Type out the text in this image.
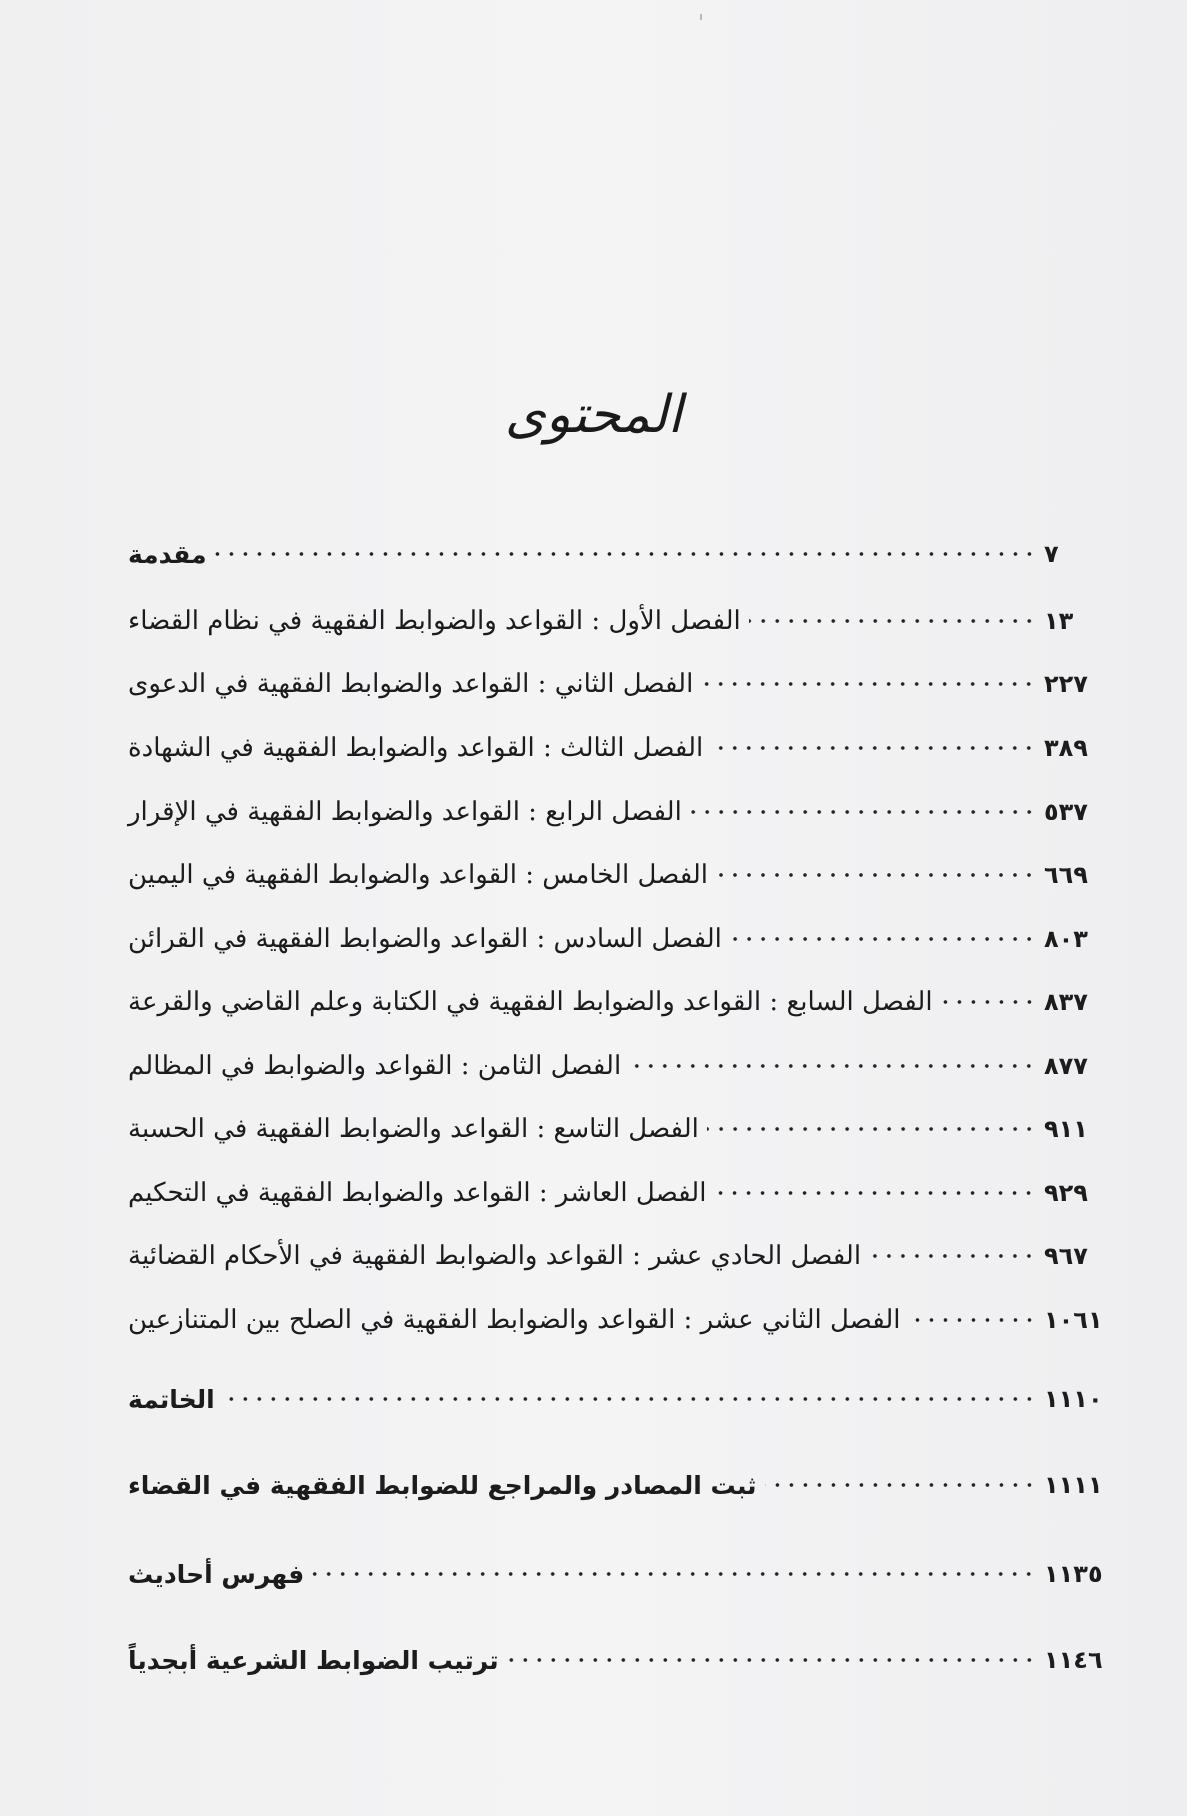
المحتوى
مقدمة	٧
الفصل الأول : القواعد والضوابط الفقهية في نظام القضاء	١٣
الفصل الثاني : القواعد والضوابط الفقهية في الدعوى	٢٢٧
الفصل الثالث : القواعد والضوابط الفقهية في الشهادة	٣٨٩
الفصل الرابع : القواعد والضوابط الفقهية في الإقرار	٥٣٧
الفصل الخامس : القواعد والضوابط الفقهية في اليمين	٦٦٩
الفصل السادس : القواعد والضوابط الفقهية في القرائن	٨٠٣
الفصل السابع : القواعد والضوابط الفقهية في الكتابة وعلم القاضي والقرعة	٨٣٧
الفصل الثامن : القواعد والضوابط في المظالم	٨٧٧
الفصل التاسع : القواعد والضوابط الفقهية في الحسبة	٩١١
الفصل العاشر : القواعد والضوابط الفقهية في التحكيم	٩٢٩
الفصل الحادي عشر : القواعد والضوابط الفقهية في الأحكام القضائية	٩٦٧
الفصل الثاني عشر : القواعد والضوابط الفقهية في الصلح بين المتنازعين	١٠٦١
الخاتمة	١١١٠
ثبت المصادر والمراجع للضوابط الفقهية في القضاء	١١١١
فهرس أحاديث	١١٣٥
ترتيب الضوابط الشرعية أبجدياً	١١٤٦
